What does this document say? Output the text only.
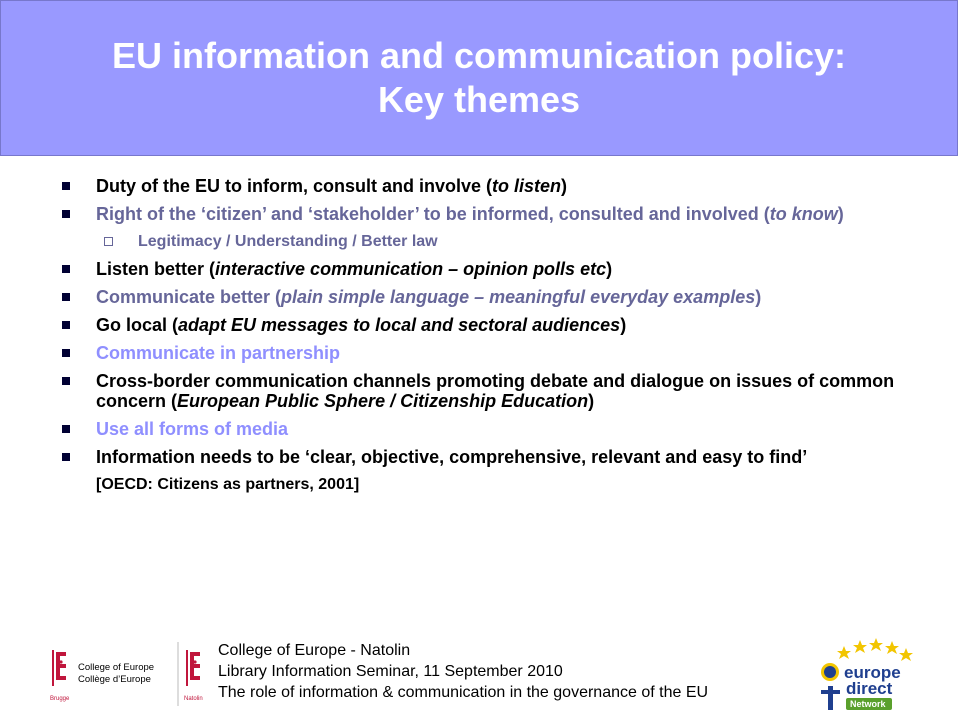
EU information and communication policy:
Key themes
Duty of the EU to inform, consult and involve (to listen)
Right of the ‘citizen’ and ‘stakeholder’ to be informed, consulted and involved (to know)
Legitimacy / Understanding / Better law
Listen better (interactive communication – opinion polls etc)
Communicate better (plain simple language – meaningful everyday examples)
Go local (adapt EU messages to local and sectoral audiences)
Communicate in partnership
Cross-border communication channels promoting debate and dialogue on issues of common concern (European Public Sphere / Citizenship Education)
Use all forms of media
Information needs to be ‘clear, objective, comprehensive, relevant and easy to find’
[OECD: Citizens as partners, 2001]
Brugge
College of Europe
Collège d’Europe
Natolin
College of Europe - Natolin
Library Information Seminar, 11 September 2010
The role of information & communication in the governance of the EU
europe
direct
Network
